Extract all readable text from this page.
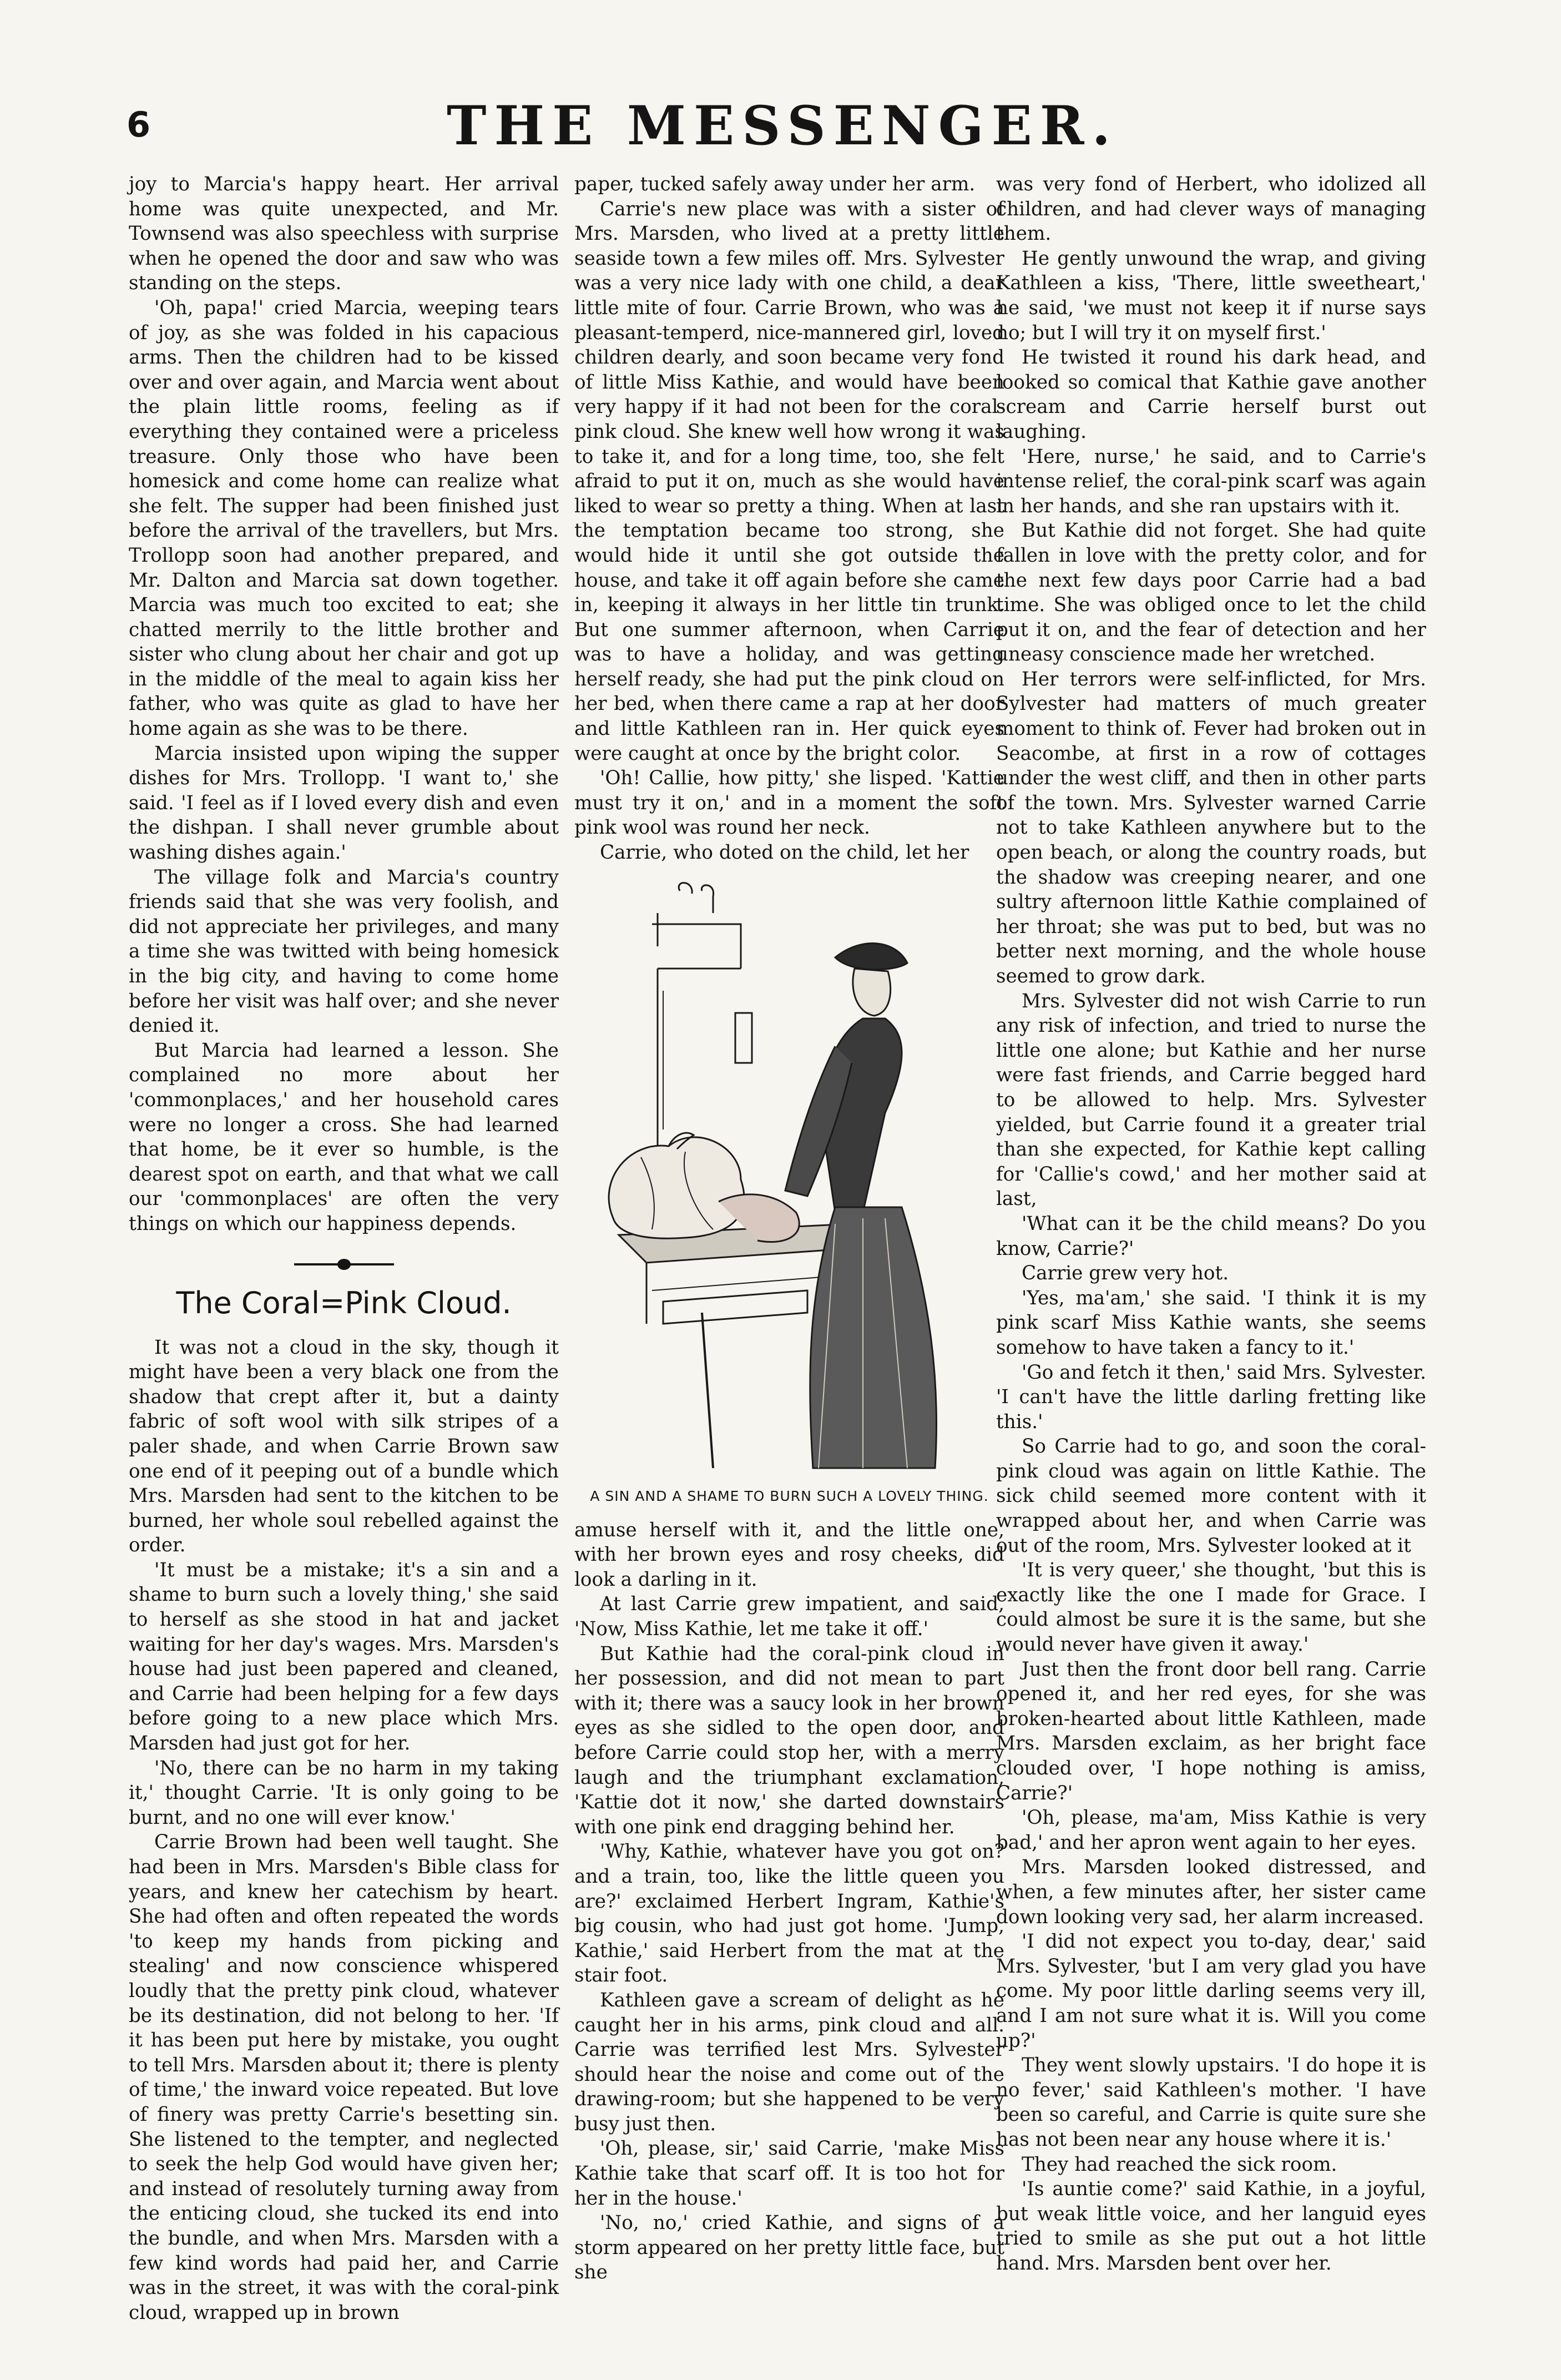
6	THE MESSENGER.

joy to Marcia's happy heart. Her arrival home was quite unexpected, and Mr. Townsend was also speechless with surprise when he opened the door and saw who was standing on the steps.

'Oh, papa!' cried Marcia, weeping tears of joy, as she was folded in his capacious arms. Then the children had to be kissed over and over again, and Marcia went about the plain little rooms, feeling as if everything they contained were a priceless treasure. Only those who have been homesick and come home can realize what she felt. The supper had been finished just before the arrival of the travellers, but Mrs. Trollopp soon had another prepared, and Mr. Dalton and Marcia sat down together. Marcia was much too excited to eat; she chatted merrily to the little brother and sister who clung about her chair and got up in the middle of the meal to again kiss her father, who was quite as glad to have her home again as she was to be there.

Marcia insisted upon wiping the supper dishes for Mrs. Trollopp. 'I want to,' she said. 'I feel as if I loved every dish and even the dishpan. I shall never grumble about washing dishes again.'

The village folk and Marcia's country friends said that she was very foolish, and did not appreciate her privileges, and many a time she was twitted with being homesick in the big city, and having to come home before her visit was half over; and she never denied it.

But Marcia had learned a lesson. She complained no more about her 'commonplaces,' and her household cares were no longer a cross. She had learned that home, be it ever so humble, is the dearest spot on earth, and that what we call our 'commonplaces' are often the very things on which our happiness depends.

The Coral=Pink Cloud.

It was not a cloud in the sky, though it might have been a very black one from the shadow that crept after it, but a dainty fabric of soft wool with silk stripes of a paler shade, and when Carrie Brown saw one end of it peeping out of a bundle which Mrs. Marsden had sent to the kitchen to be burned, her whole soul rebelled against the order.

'It must be a mistake; it's a sin and a shame to burn such a lovely thing,' she said to herself as she stood in hat and jacket waiting for her day's wages. Mrs. Marsden's house had just been papered and cleaned, and Carrie had been helping for a few days before going to a new place which Mrs. Marsden had just got for her.

'No, there can be no harm in my taking it,' thought Carrie. 'It is only going to be burnt, and no one will ever know.'

Carrie Brown had been well taught. She had been in Mrs. Marsden's Bible class for years, and knew her catechism by heart. She had often and often repeated the words 'to keep my hands from picking and stealing' and now conscience whispered loudly that the pretty pink cloud, whatever be its destination, did not belong to her. 'If it has been put here by mistake, you ought to tell Mrs. Marsden about it; there is plenty of time,' the inward voice repeated. But love of finery was pretty Carrie's besetting sin. She listened to the tempter, and neglected to seek the help God would have given her; and instead of resolutely turning away from the enticing cloud, she tucked its end into the bundle, and when Mrs. Marsden with a few kind words had paid her, and Carrie was in the street, it was with the coral-pink cloud, wrapped up in brown

paper, tucked safely away under her arm.

Carrie's new place was with a sister of Mrs. Marsden, who lived at a pretty little seaside town a few miles off. Mrs. Sylvester was a very nice lady with one child, a dear little mite of four. Carrie Brown, who was a pleasant-temperd, nice-mannered girl, loved children dearly, and soon became very fond of little Miss Kathie, and would have been very happy if it had not been for the coral-pink cloud. She knew well how wrong it was to take it, and for a long time, too, she felt afraid to put it on, much as she would have liked to wear so pretty a thing. When at last the temptation became too strong, she would hide it until she got outside the house, and take it off again before she came in, keeping it always in her little tin trunk. But one summer afternoon, when Carrie was to have a holiday, and was getting herself ready, she had put the pink cloud on her bed, when there came a rap at her door and little Kathleen ran in. Her quick eyes were caught at once by the bright color.

'Oh! Callie, how pitty,' she lisped. 'Kattie must try it on,' and in a moment the soft pink wool was round her neck.

Carrie, who doted on the child, let her

A SIN AND A SHAME TO BURN SUCH A LOVELY THING.

amuse herself with it, and the little one, with her brown eyes and rosy cheeks, did look a darling in it.

At last Carrie grew impatient, and said, 'Now, Miss Kathie, let me take it off.'

But Kathie had the coral-pink cloud in her possession, and did not mean to part with it; there was a saucy look in her brown eyes as she sidled to the open door, and before Carrie could stop her, with a merry laugh and the triumphant exclamation, 'Kattie dot it now,' she darted downstairs with one pink end dragging behind her.

'Why, Kathie, whatever have you got on? and a train, too, like the little queen you are?' exclaimed Herbert Ingram, Kathie's big cousin, who had just got home. 'Jump, Kathie,' said Herbert from the mat at the stair foot.

Kathleen gave a scream of delight as he caught her in his arms, pink cloud and all. Carrie was terrified lest Mrs. Sylvester should hear the noise and come out of the drawing-room; but she happened to be very busy just then.

'Oh, please, sir,' said Carrie, 'make Miss Kathie take that scarf off. It is too hot for her in the house.'

'No, no,' cried Kathie, and signs of a storm appeared on her pretty little face, but she

was very fond of Herbert, who idolized all children, and had clever ways of managing them.

He gently unwound the wrap, and giving Kathleen a kiss, 'There, little sweetheart,' he said, 'we must not keep it if nurse says no; but I will try it on myself first.'

He twisted it round his dark head, and looked so comical that Kathie gave another scream and Carrie herself burst out laughing.

'Here, nurse,' he said, and to Carrie's intense relief, the coral-pink scarf was again in her hands, and she ran upstairs with it.

But Kathie did not forget. She had quite fallen in love with the pretty color, and for the next few days poor Carrie had a bad time. She was obliged once to let the child put it on, and the fear of detection and her uneasy conscience made her wretched.

Her terrors were self-inflicted, for Mrs. Sylvester had matters of much greater moment to think of. Fever had broken out in Seacombe, at first in a row of cottages under the west cliff, and then in other parts of the town. Mrs. Sylvester warned Carrie not to take Kathleen anywhere but to the open beach, or along the country roads, but the shadow was creeping nearer, and one sultry afternoon little Kathie complained of her throat; she was put to bed, but was no better next morning, and the whole house seemed to grow dark.

Mrs. Sylvester did not wish Carrie to run any risk of infection, and tried to nurse the little one alone; but Kathie and her nurse were fast friends, and Carrie begged hard to be allowed to help. Mrs. Sylvester yielded, but Carrie found it a greater trial than she expected, for Kathie kept calling for 'Callie's cowd,' and her mother said at last,

'What can it be the child means? Do you know, Carrie?'

Carrie grew very hot.

'Yes, ma'am,' she said. 'I think it is my pink scarf Miss Kathie wants, she seems somehow to have taken a fancy to it.'

'Go and fetch it then,' said Mrs. Sylvester. 'I can't have the little darling fretting like this.'

So Carrie had to go, and soon the coral-pink cloud was again on little Kathie. The sick child seemed more content with it wrapped about her, and when Carrie was out of the room, Mrs. Sylvester looked at it

'It is very queer,' she thought, 'but this is exactly like the one I made for Grace. I could almost be sure it is the same, but she would never have given it away.'

Just then the front door bell rang. Carrie opened it, and her red eyes, for she was broken-hearted about little Kathleen, made Mrs. Marsden exclaim, as her bright face clouded over, 'I hope nothing is amiss, Carrie?'

'Oh, please, ma'am, Miss Kathie is very bad,' and her apron went again to her eyes.

Mrs. Marsden looked distressed, and when, a few minutes after, her sister came down looking very sad, her alarm increased.

'I did not expect you to-day, dear,' said Mrs. Sylvester, 'but I am very glad you have come. My poor little darling seems very ill, and I am not sure what it is. Will you come up?'

They went slowly upstairs. 'I do hope it is no fever,' said Kathleen's mother. 'I have been so careful, and Carrie is quite sure she has not been near any house where it is.'

They had reached the sick room.

'Is auntie come?' said Kathie, in a joyful, but weak little voice, and her languid eyes tried to smile as she put out a hot little hand. Mrs. Marsden bent over her.
